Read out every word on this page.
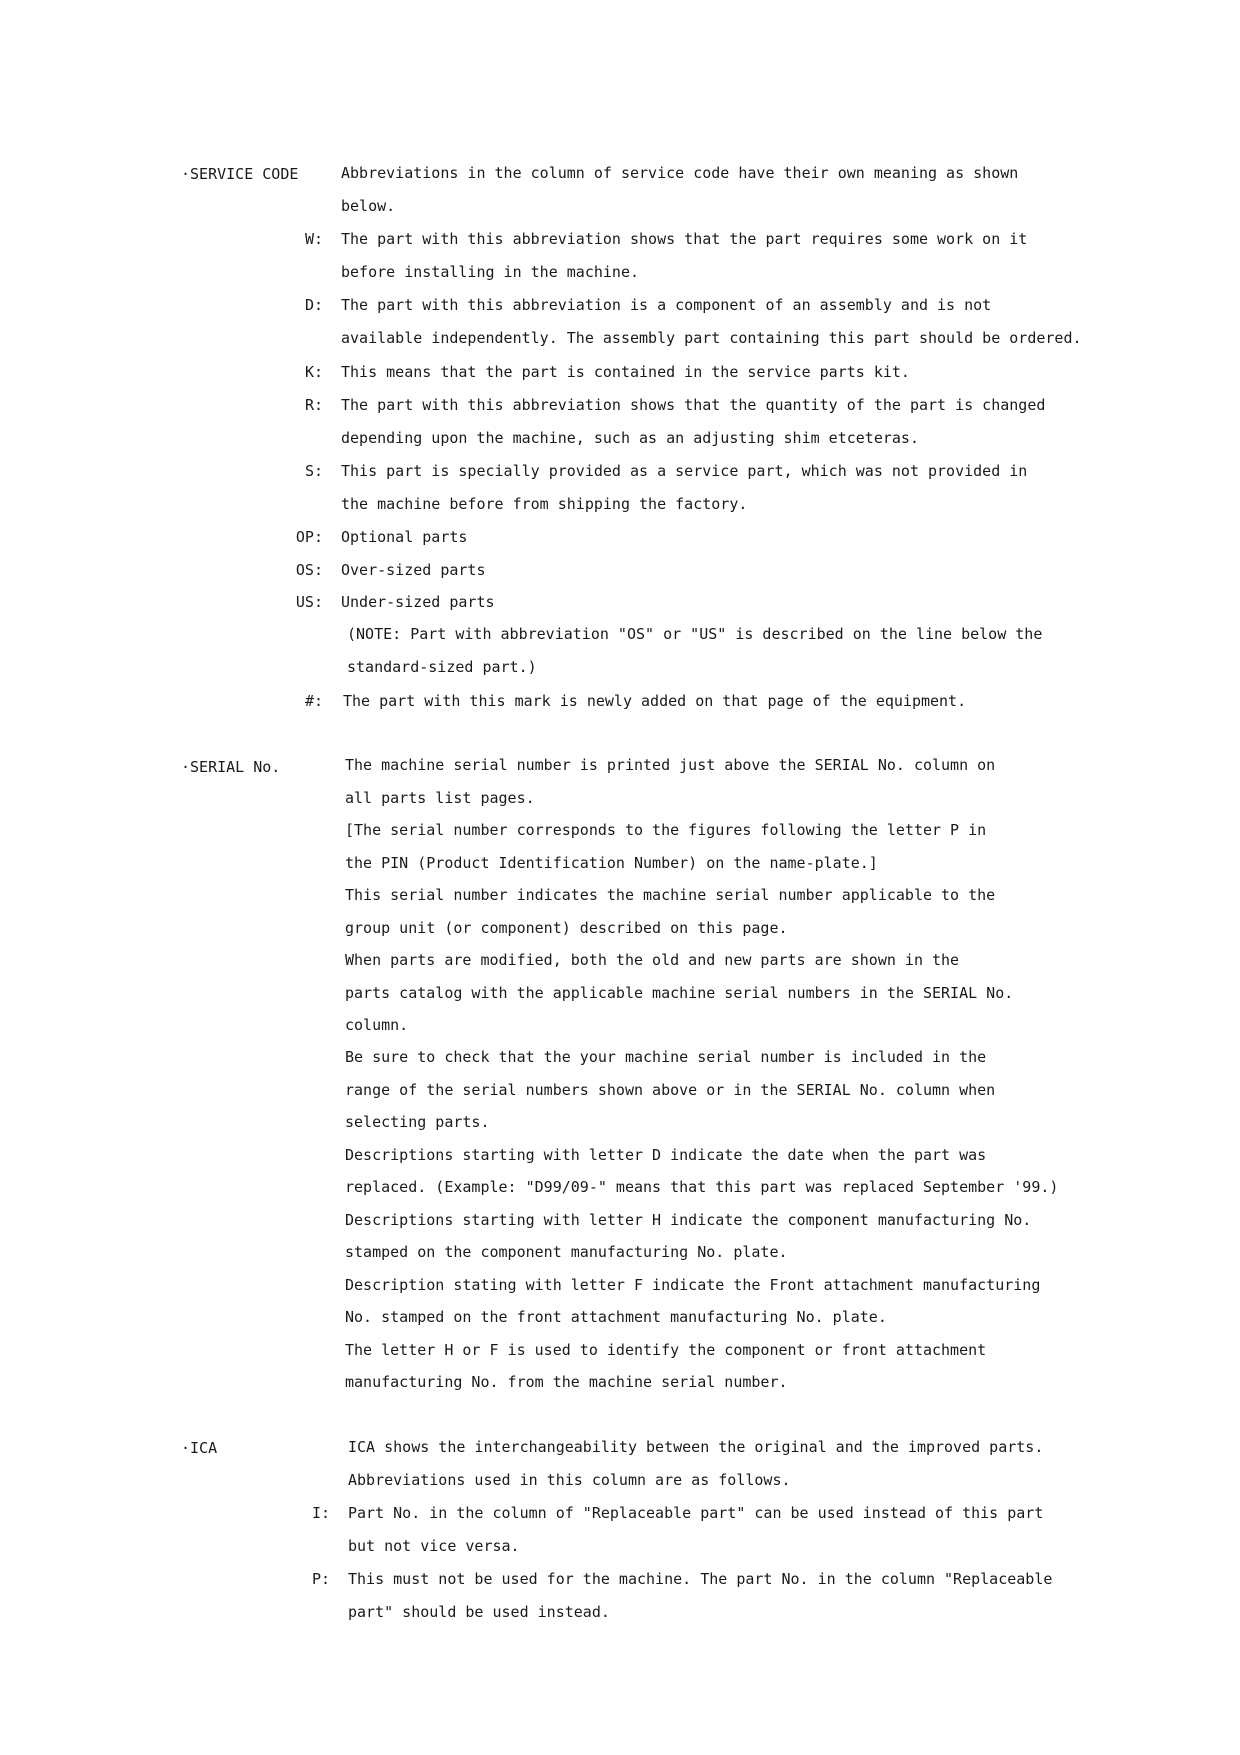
·SERVICE CODE	Abbreviations in the column of service code have their own meaning as shown
below.
W: The part with this abbreviation shows that the part requires some work on it
before installing in the machine.
D: The part with this abbreviation is a component of an assembly and is not
available independently. The assembly part containing this part should be ordered.
K: This means that the part is contained in the service parts kit.
R: The part with this abbreviation shows that the quantity of the part is changed
depending upon the machine, such as an adjusting shim etceteras.
S: This part is specially provided as a service part, which was not provided in
the machine before from shipping the factory.
OP: Optional parts
OS: Over-sized parts
US: Under-sized parts
(NOTE: Part with abbreviation "OS" or "US" is described on the line below the
standard-sized part.)
#: The part with this mark is newly added on that page of the equipment.
·SERIAL No.	The machine serial number is printed just above the SERIAL No. column on
all parts list pages.
[The serial number corresponds to the figures following the letter P in
the PIN (Product Identification Number) on the name-plate.]
This serial number indicates the machine serial number applicable to the
group unit (or component) described on this page.
When parts are modified, both the old and new parts are shown in the
parts catalog with the applicable machine serial numbers in the SERIAL No.
column.
Be sure to check that the your machine serial number is included in the
range of the serial numbers shown above or in the SERIAL No. column when
selecting parts.
Descriptions starting with letter D indicate the date when the part was
replaced. (Example: "D99/09-" means that this part was replaced September '99.)
Descriptions starting with letter H indicate the component manufacturing No.
stamped on the component manufacturing No. plate.
Description stating with letter F indicate the Front attachment manufacturing
No. stamped on the front attachment manufacturing No. plate.
The letter H or F is used to identify the component or front attachment
manufacturing No. from the machine serial number.
·ICA	ICA shows the interchangeability between the original and the improved parts.
Abbreviations used in this column are as follows.
I: Part No. in the column of "Replaceable part" can be used instead of this part
but not vice versa.
P: This must not be used for the machine. The part No. in the column "Replaceable
part" should be used instead.
